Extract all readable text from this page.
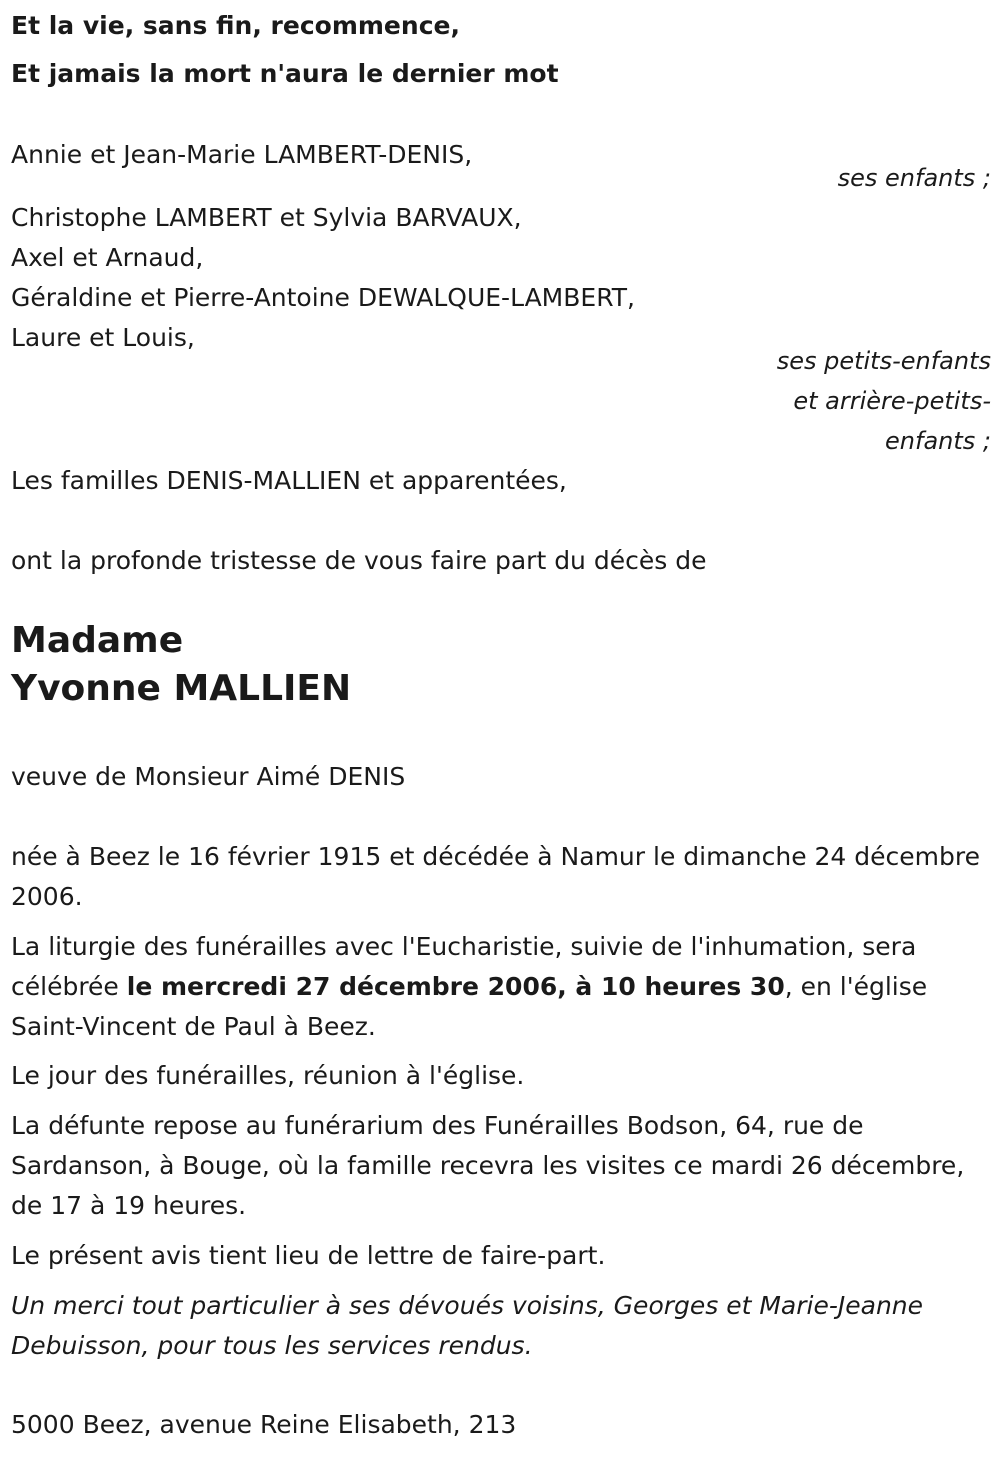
Et la vie, sans fin, recommence,

Et jamais la mort n'aura le dernier mot

Annie et Jean-Marie LAMBERT-DENIS,

ses enfants ;

Christophe LAMBERT et Sylvia BARVAUX,

Axel et Arnaud,

Géraldine et Pierre-Antoine DEWALQUE-LAMBERT,

Laure et Louis,

ses petits-enfants

et arrière-petits-

enfants ;

Les familles DENIS-MALLIEN et apparentées,

ont la profonde tristesse de vous faire part du décès de

Madame

Yvonne MALLIEN

veuve de Monsieur Aimé DENIS

née à Beez le 16 février 1915 et décédée à Namur le dimanche 24 décembre 2006.

La liturgie des funérailles avec l'Eucharistie, suivie de l'inhumation, sera célébrée le mercredi 27 décembre 2006, à 10 heures 30, en l'église Saint-Vincent de Paul à Beez.

Le jour des funérailles, réunion à l'église.

La défunte repose au funérarium des Funérailles Bodson, 64, rue de Sardanson, à Bouge, où la famille recevra les visites ce mardi 26 décembre, de 17 à 19 heures.

Le présent avis tient lieu de lettre de faire-part.

Un merci tout particulier à ses dévoués voisins, Georges et Marie-Jeanne Debuisson, pour tous les services rendus.

5000 Beez, avenue Reine Elisabeth, 213
